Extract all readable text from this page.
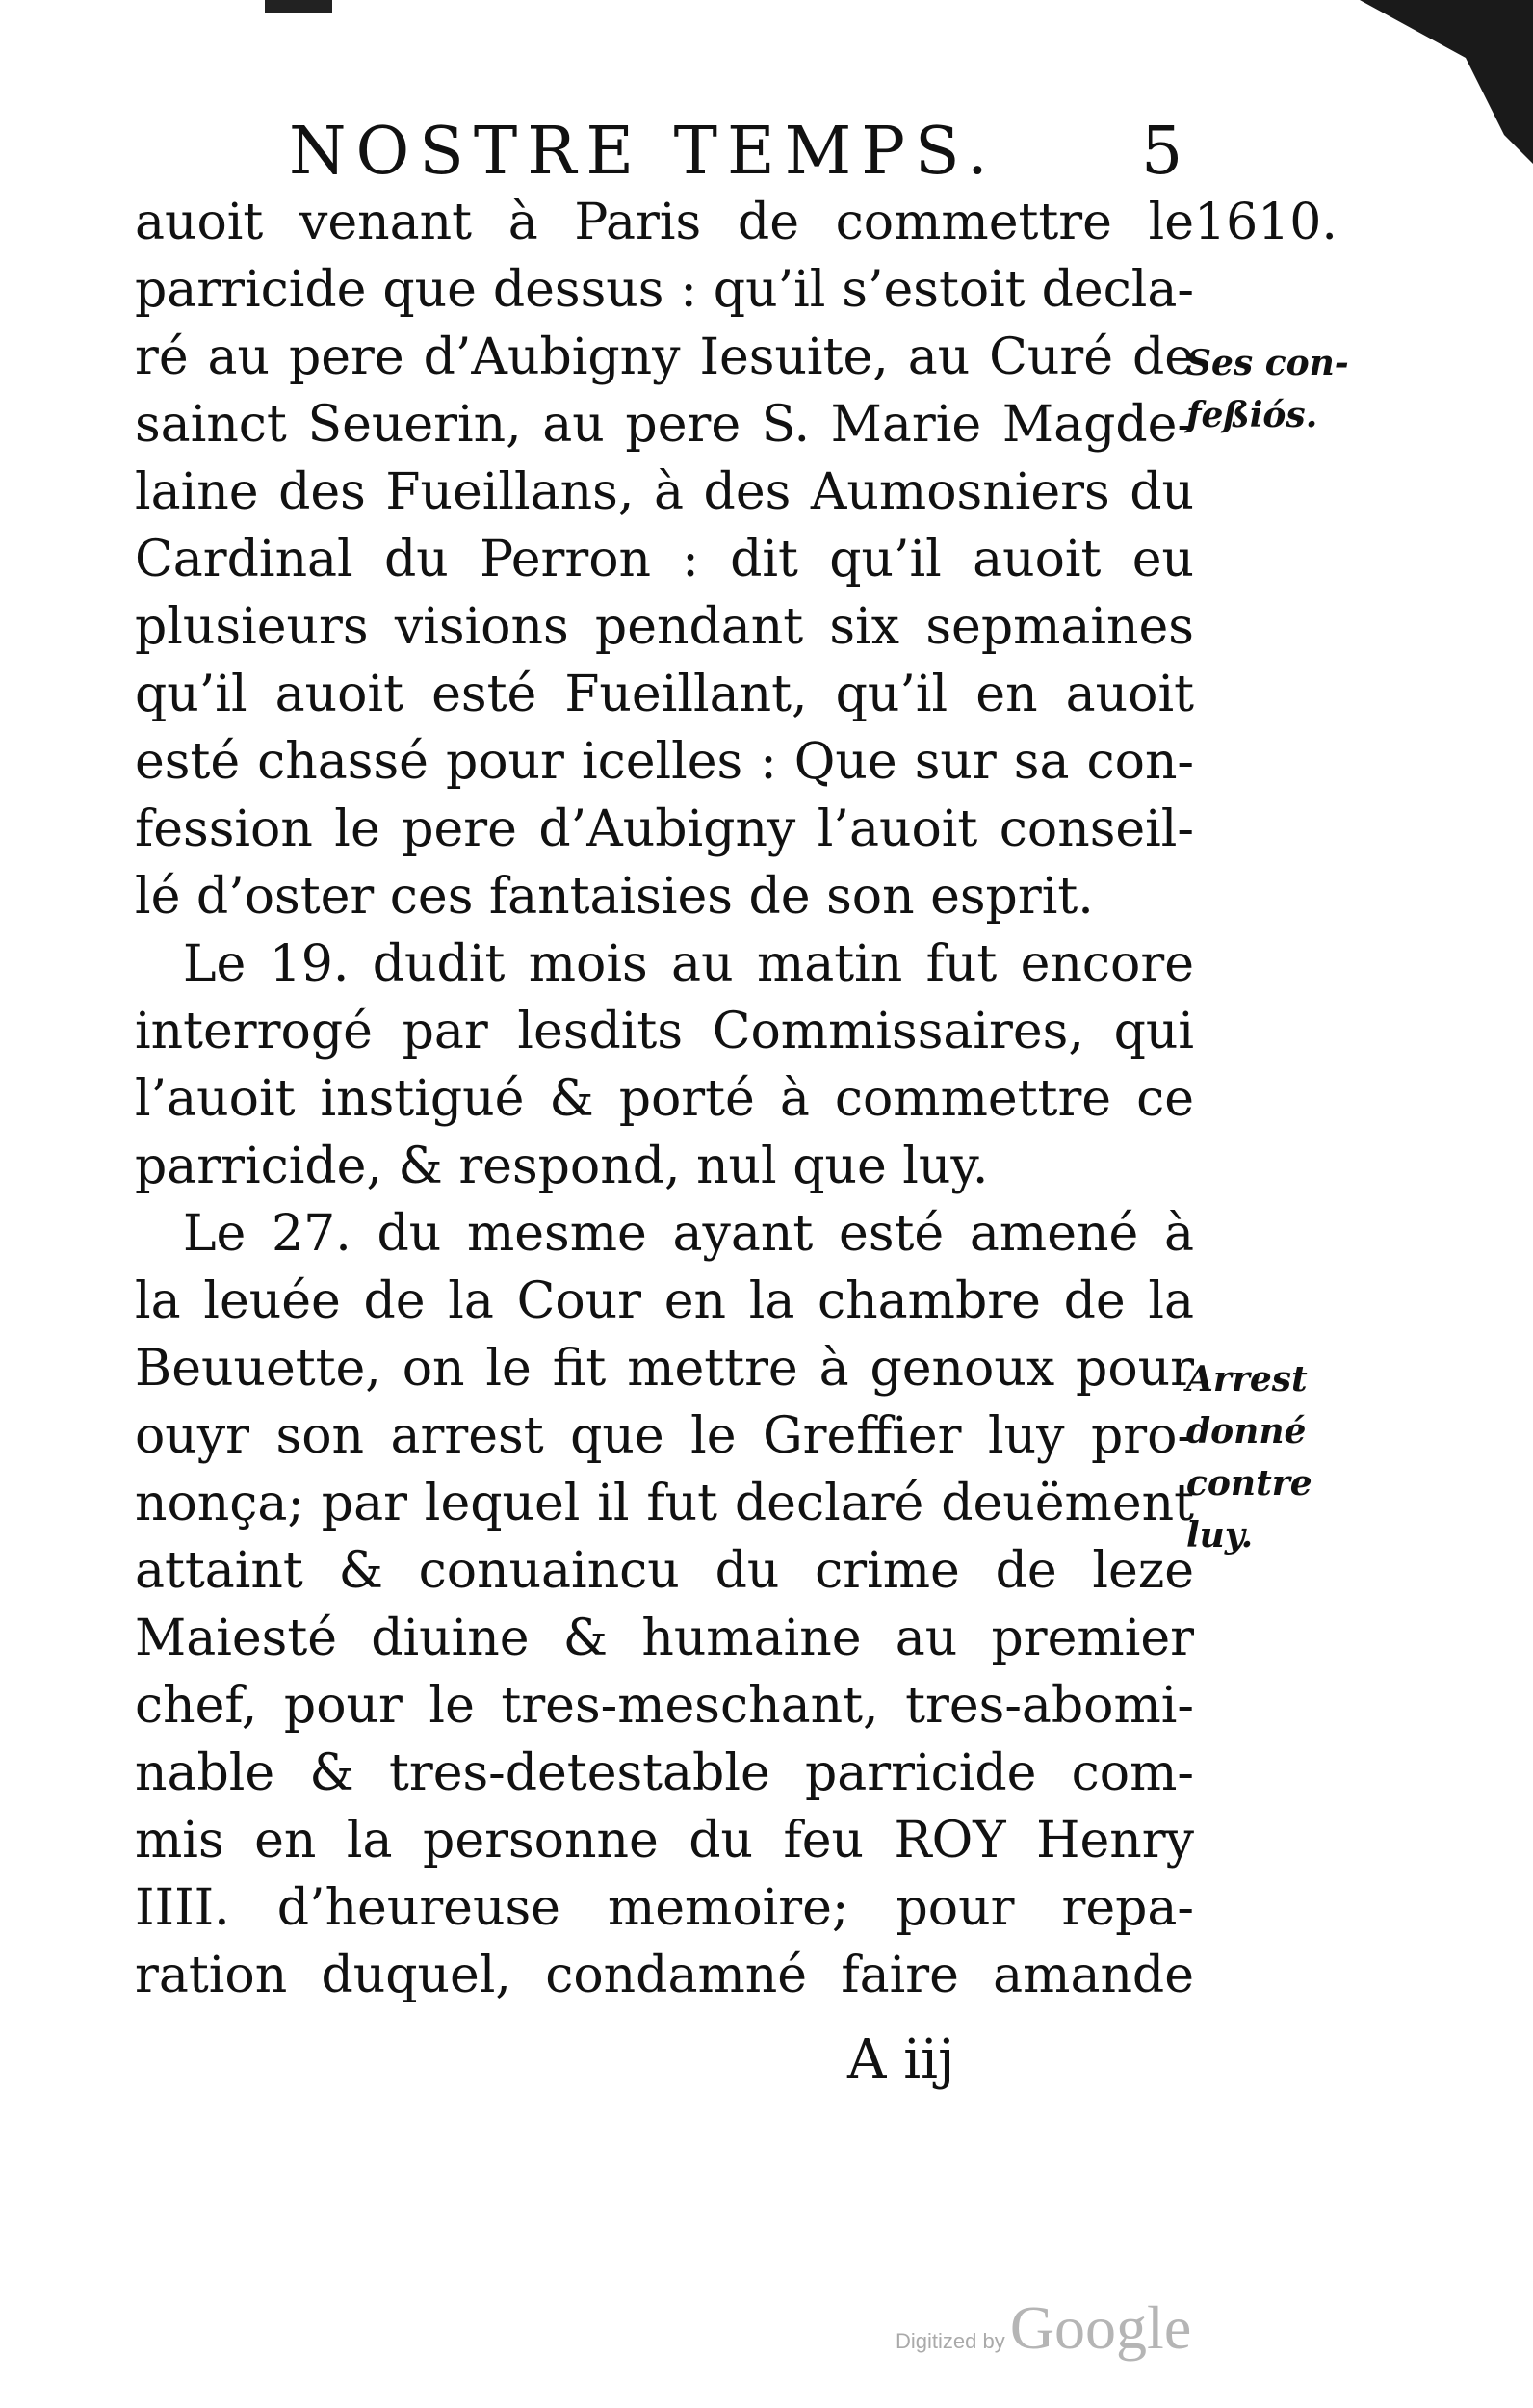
NOSTRE TEMPS.	5
1610.
Ses con-
feßiós.
Arrest
donné
contre
luy.
auoit venant à Paris de commettre le
parricide que dessus : qu’il s’estoit decla-
ré au pere d’Aubigny Iesuite, au Curé de
sainct Seuerin, au pere S. Marie Magde-
laine des Fueillans, à des Aumosniers du
Cardinal du Perron : dit qu’il auoit eu
plusieurs visions pendant six sepmaines
qu’il auoit esté Fueillant, qu’il en auoit
esté chassé pour icelles : Que sur sa con-
fession le pere d’Aubigny l’auoit conseil-
lé d’oster ces fantaisies de son esprit.
Le 19. dudit mois au matin fut encore
interrogé par lesdits Commissaires, qui
l’auoit instigué & porté à commettre ce
parricide, & respond, nul que luy.
Le 27. du mesme ayant esté amené à
la leuée de la Cour en la chambre de la
Beuuette, on le fit mettre à genoux pour
ouyr son arrest que le Greffier luy pro-
nonça; par lequel il fut declaré deuëment
attaint & conuaincu du crime de leze
Maiesté diuine & humaine au premier
chef, pour le tres-meschant, tres-abomi-
nable & tres-detestable parricide com-
mis en la personne du feu ROY Henry
IIII. d’heureuse memoire; pour repa-
ration duquel, condamné faire amande
A iij
Digitized by Google
